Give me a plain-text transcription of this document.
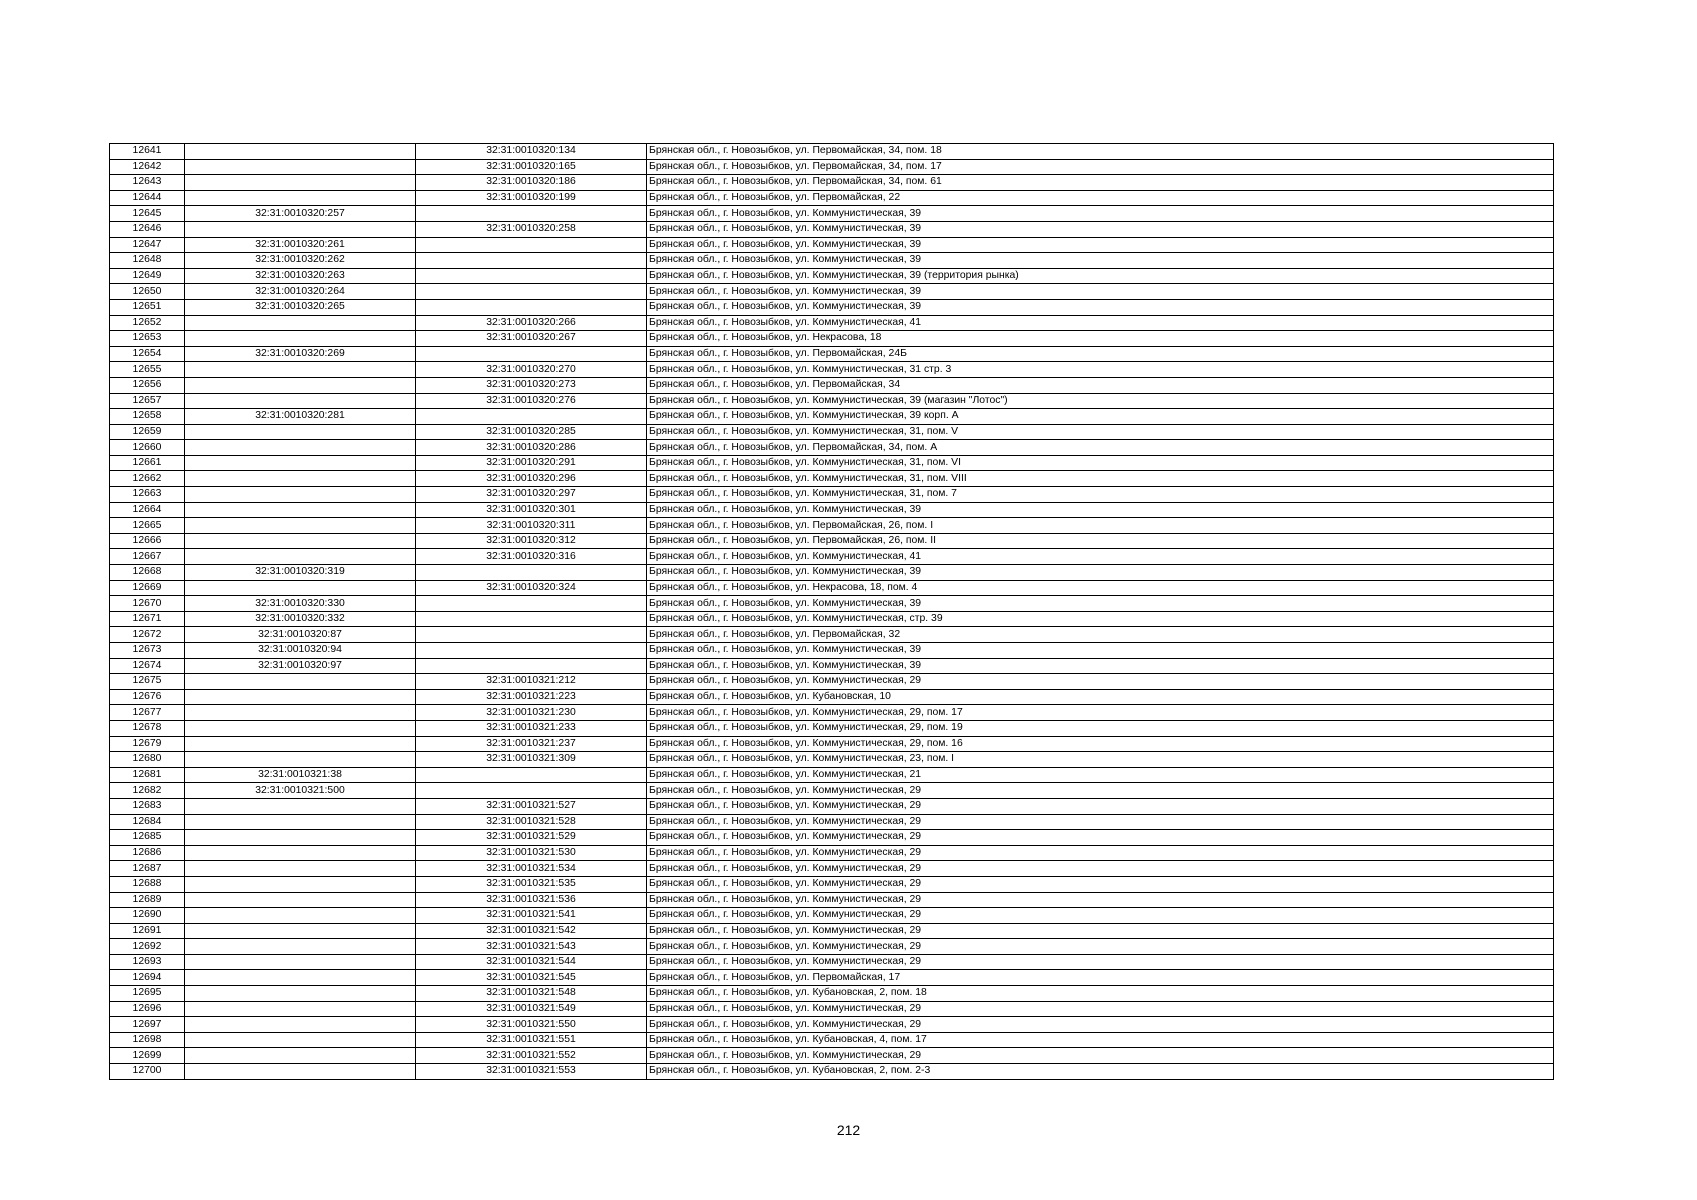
12641		32:31:0010320:134	Брянская обл., г. Новозыбков, ул. Первомайская, 34, пом. 18
12642		32:31:0010320:165	Брянская обл., г. Новозыбков, ул. Первомайская, 34, пом. 17
12643		32:31:0010320:186	Брянская обл., г. Новозыбков, ул. Первомайская, 34, пом. 61
12644		32:31:0010320:199	Брянская обл., г. Новозыбков, ул. Первомайская, 22
12645	32:31:0010320:257		Брянская обл., г. Новозыбков, ул. Коммунистическая, 39
12646		32:31:0010320:258	Брянская обл., г. Новозыбков, ул. Коммунистическая, 39
12647	32:31:0010320:261		Брянская обл., г. Новозыбков, ул. Коммунистическая, 39
12648	32:31:0010320:262		Брянская обл., г. Новозыбков, ул. Коммунистическая, 39
12649	32:31:0010320:263		Брянская обл., г. Новозыбков, ул. Коммунистическая, 39 (территория рынка)
12650	32:31:0010320:264		Брянская обл., г. Новозыбков, ул. Коммунистическая, 39
12651	32:31:0010320:265		Брянская обл., г. Новозыбков, ул. Коммунистическая, 39
12652		32:31:0010320:266	Брянская обл., г. Новозыбков, ул. Коммунистическая, 41
12653		32:31:0010320:267	Брянская обл., г. Новозыбков, ул. Некрасова, 18
12654	32:31:0010320:269		Брянская обл., г. Новозыбков, ул. Первомайская, 24Б
12655		32:31:0010320:270	Брянская обл., г. Новозыбков, ул. Коммунистическая, 31 стр. 3
12656		32:31:0010320:273	Брянская обл., г. Новозыбков, ул. Первомайская, 34
12657		32:31:0010320:276	Брянская обл., г. Новозыбков, ул. Коммунистическая, 39 (магазин "Лотос")
12658	32:31:0010320:281		Брянская обл., г. Новозыбков, ул. Коммунистическая, 39 корп. А
12659		32:31:0010320:285	Брянская обл., г. Новозыбков, ул. Коммунистическая, 31, пом. V
12660		32:31:0010320:286	Брянская обл., г. Новозыбков, ул. Первомайская, 34, пом. А
12661		32:31:0010320:291	Брянская обл., г. Новозыбков, ул. Коммунистическая, 31, пом. VI
12662		32:31:0010320:296	Брянская обл., г. Новозыбков, ул. Коммунистическая, 31, пом. VIII
12663		32:31:0010320:297	Брянская обл., г. Новозыбков, ул. Коммунистическая, 31, пом. 7
12664		32:31:0010320:301	Брянская обл., г. Новозыбков, ул. Коммунистическая, 39
12665		32:31:0010320:311	Брянская обл., г. Новозыбков, ул. Первомайская, 26, пом. I
12666		32:31:0010320:312	Брянская обл., г. Новозыбков, ул. Первомайская, 26, пом. II
12667		32:31:0010320:316	Брянская обл., г. Новозыбков, ул. Коммунистическая, 41
12668	32:31:0010320:319		Брянская обл., г. Новозыбков, ул. Коммунистическая, 39
12669		32:31:0010320:324	Брянская обл., г. Новозыбков, ул. Некрасова, 18, пом. 4
12670	32:31:0010320:330		Брянская обл., г. Новозыбков, ул. Коммунистическая, 39
12671	32:31:0010320:332		Брянская обл., г. Новозыбков, ул. Коммунистическая, стр. 39
12672	32:31:0010320:87		Брянская обл., г. Новозыбков, ул. Первомайская, 32
12673	32:31:0010320:94		Брянская обл., г. Новозыбков, ул. Коммунистическая, 39
12674	32:31:0010320:97		Брянская обл., г. Новозыбков, ул. Коммунистическая, 39
12675		32:31:0010321:212	Брянская обл., г. Новозыбков, ул. Коммунистическая, 29
12676		32:31:0010321:223	Брянская обл., г. Новозыбков, ул. Кубановская, 10
12677		32:31:0010321:230	Брянская обл., г. Новозыбков, ул. Коммунистическая, 29, пом. 17
12678		32:31:0010321:233	Брянская обл., г. Новозыбков, ул. Коммунистическая, 29, пом. 19
12679		32:31:0010321:237	Брянская обл., г. Новозыбков, ул. Коммунистическая, 29, пом. 16
12680		32:31:0010321:309	Брянская обл., г. Новозыбков, ул. Коммунистическая, 23, пом. I
12681	32:31:0010321:38		Брянская обл., г. Новозыбков, ул. Коммунистическая, 21
12682	32:31:0010321:500		Брянская обл., г. Новозыбков, ул. Коммунистическая, 29
12683		32:31:0010321:527	Брянская обл., г. Новозыбков, ул. Коммунистическая, 29
12684		32:31:0010321:528	Брянская обл., г. Новозыбков, ул. Коммунистическая, 29
12685		32:31:0010321:529	Брянская обл., г. Новозыбков, ул. Коммунистическая, 29
12686		32:31:0010321:530	Брянская обл., г. Новозыбков, ул. Коммунистическая, 29
12687		32:31:0010321:534	Брянская обл., г. Новозыбков, ул. Коммунистическая, 29
12688		32:31:0010321:535	Брянская обл., г. Новозыбков, ул. Коммунистическая, 29
12689		32:31:0010321:536	Брянская обл., г. Новозыбков, ул. Коммунистическая, 29
12690		32:31:0010321:541	Брянская обл., г. Новозыбков, ул. Коммунистическая, 29
12691		32:31:0010321:542	Брянская обл., г. Новозыбков, ул. Коммунистическая, 29
12692		32:31:0010321:543	Брянская обл., г. Новозыбков, ул. Коммунистическая, 29
12693		32:31:0010321:544	Брянская обл., г. Новозыбков, ул. Коммунистическая, 29
12694		32:31:0010321:545	Брянская обл., г. Новозыбков, ул. Первомайская, 17
12695		32:31:0010321:548	Брянская обл., г. Новозыбков, ул. Кубановская, 2, пом. 18
12696		32:31:0010321:549	Брянская обл., г. Новозыбков, ул. Коммунистическая, 29
12697		32:31:0010321:550	Брянская обл., г. Новозыбков, ул. Коммунистическая, 29
12698		32:31:0010321:551	Брянская обл., г. Новозыбков, ул. Кубановская, 4, пом. 17
12699		32:31:0010321:552	Брянская обл., г. Новозыбков, ул. Коммунистическая, 29
12700		32:31:0010321:553	Брянская обл., г. Новозыбков, ул. Кубановская, 2, пом. 2-3
212
